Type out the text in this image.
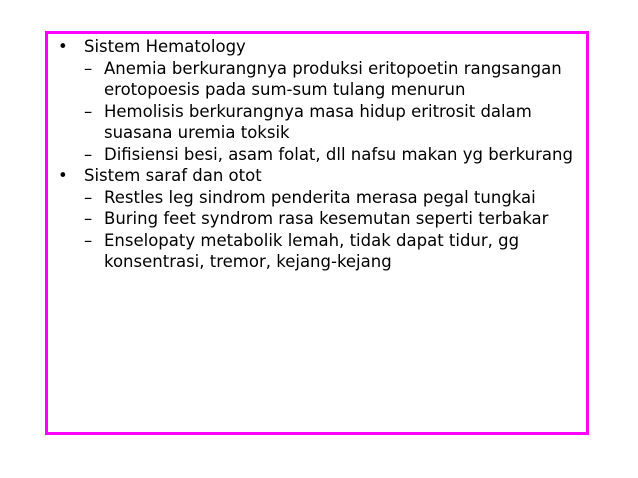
• Sistem Hematology
– Anemia berkurangnya produksi eritopoetin rangsangan erotopoesis pada sum-sum tulang menurun
– Hemolisis berkurangnya masa hidup eritrosit dalam suasana uremia toksik
– Difisiensi besi, asam folat, dll nafsu makan yg berkurang
• Sistem saraf dan otot
– Restles leg sindrom penderita merasa pegal tungkai
– Buring feet syndrom rasa kesemutan seperti terbakar
– Enselopaty metabolik lemah, tidak dapat tidur, gg konsentrasi, tremor, kejang-kejang
